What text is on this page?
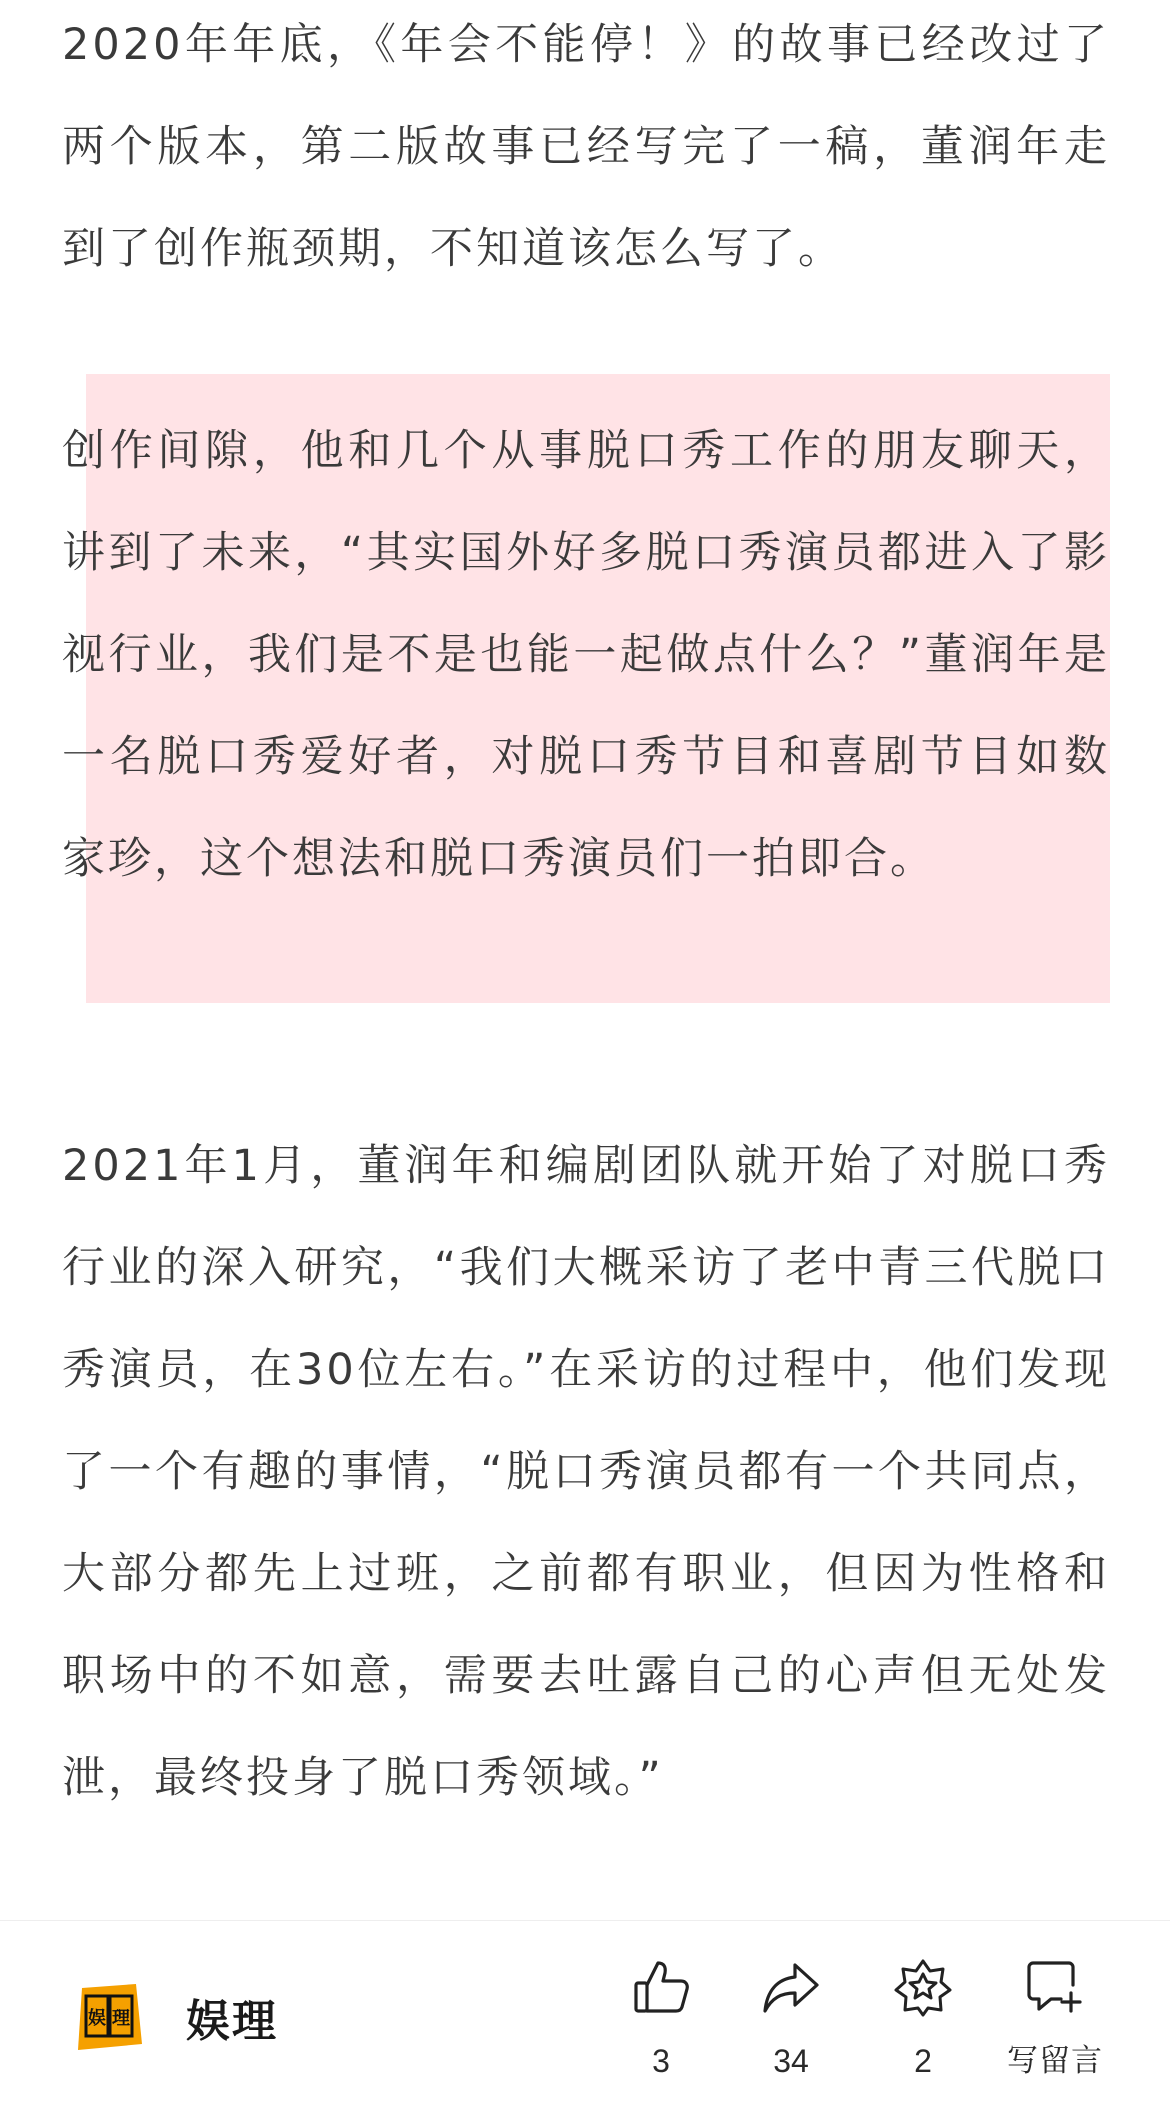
2020年年底，《年会不能停！》的故事已经改过了两个版本，第二版故事已经写完了一稿，董润年走到了创作瓶颈期，不知道该怎么写了。

创作间隙，他和几个从事脱口秀工作的朋友聊天，讲到了未来，“其实国外好多脱口秀演员都进入了影视行业，我们是不是也能一起做点什么？”董润年是一名脱口秀爱好者，对脱口秀节目和喜剧节目如数家珍，这个想法和脱口秀演员们一拍即合。

2021年1月，董润年和编剧团队就开始了对脱口秀行业的深入研究，“我们大概采访了老中青三代脱口秀演员，在30位左右。”在采访的过程中，他们发现了一个有趣的事情，“脱口秀演员都有一个共同点，大部分都先上过班，之前都有职业，但因为性格和职场中的不如意，需要去吐露自己的心声但无处发泄，最终投身了脱口秀领域。”

娱 理 娱理
3	34	2	写留言
